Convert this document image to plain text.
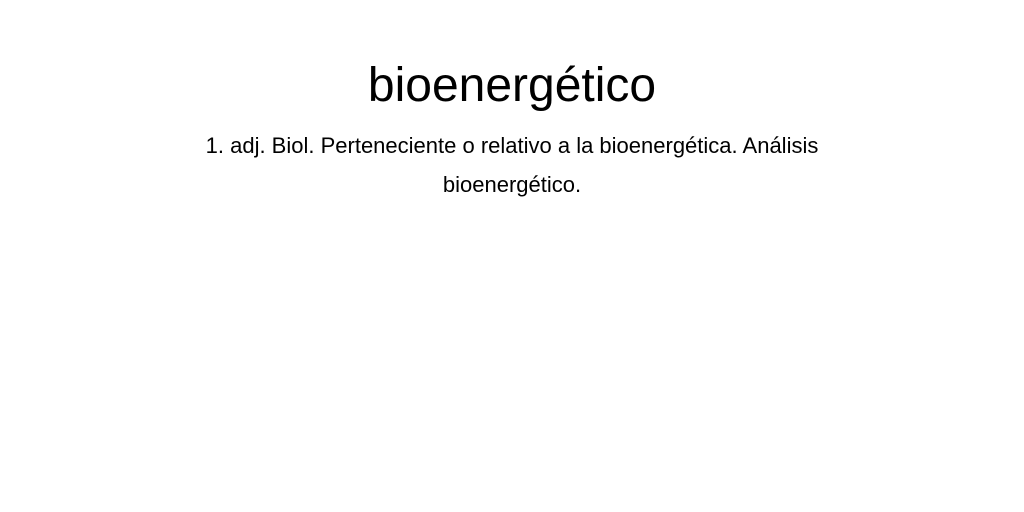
bioenergético

1. adj. Biol. Perteneciente o relativo a la bioenergética. Análisis bioenergético.
